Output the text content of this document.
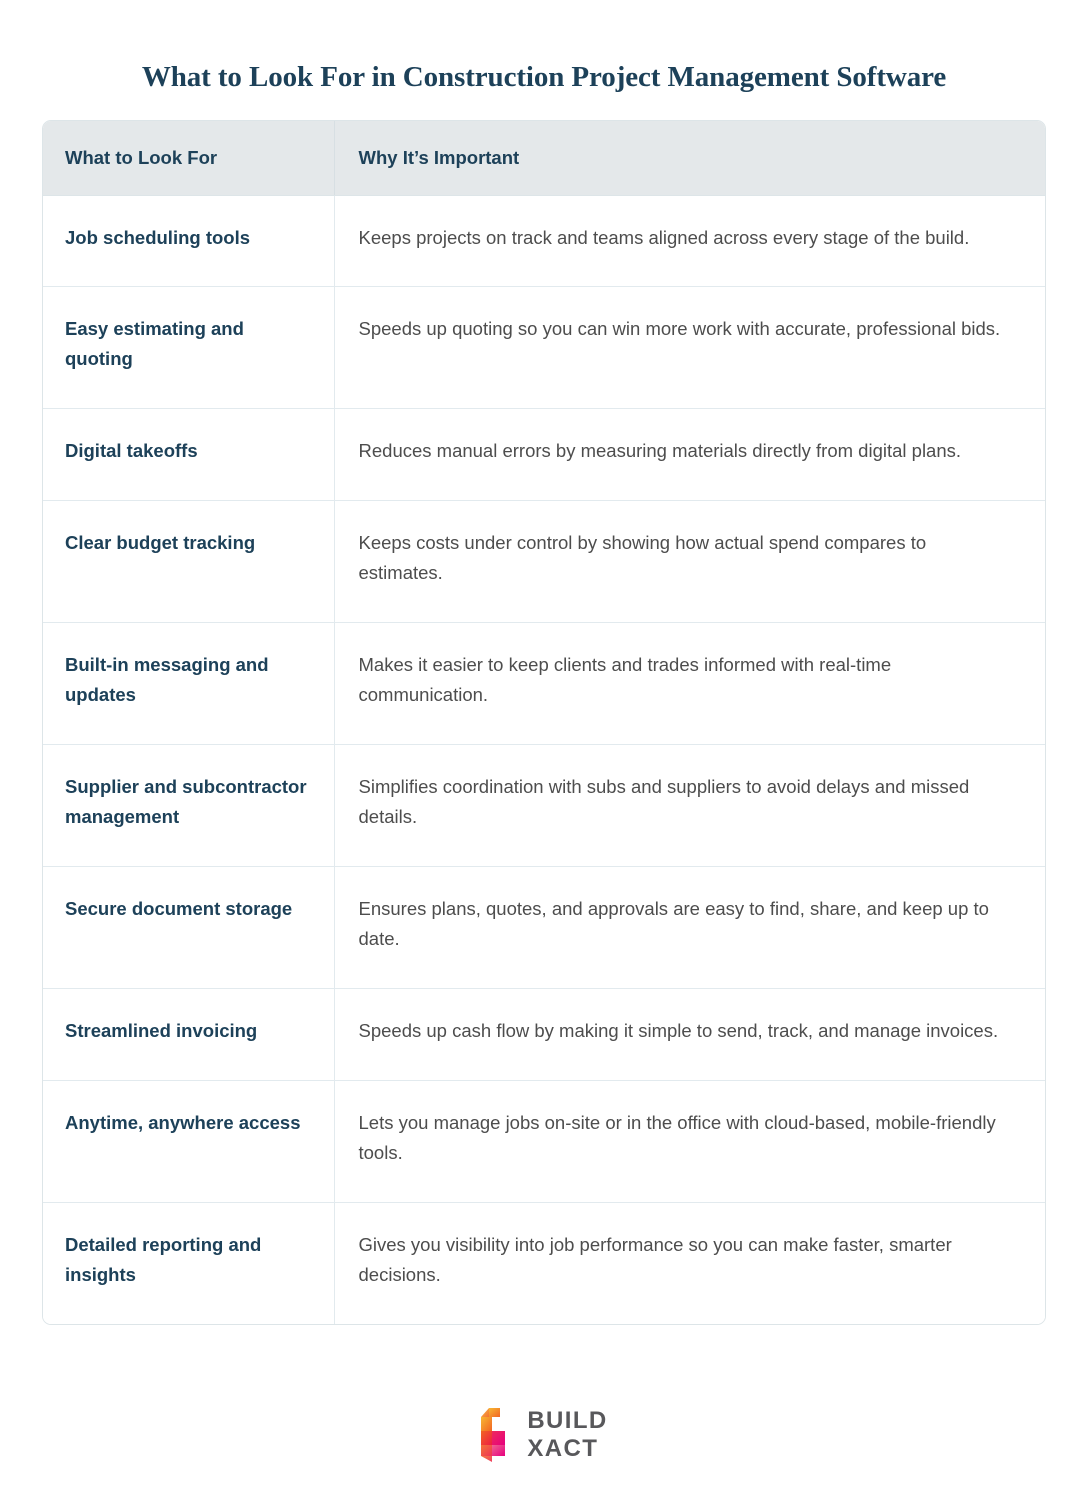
What to Look For in Construction Project Management Software
What to Look For	Why It’s Important
Job scheduling tools	Keeps projects on track and teams aligned across every stage of the build.
Easy estimating and quoting	Speeds up quoting so you can win more work with accurate, professional bids.
Digital takeoffs	Reduces manual errors by measuring materials directly from digital plans.
Clear budget tracking	Keeps costs under control by showing how actual spend compares to estimates.
Built-in messaging and updates	Makes it easier to keep clients and trades informed with real-time communication.
Supplier and subcontractor management	Simplifies coordination with subs and suppliers to avoid delays and missed details.
Secure document storage	Ensures plans, quotes, and approvals are easy to find, share, and keep up to date.
Streamlined invoicing	Speeds up cash flow by making it simple to send, track, and manage invoices.
Anytime, anywhere access	Lets you manage jobs on-site or in the office with cloud-based, mobile-friendly tools.
Detailed reporting and insights	Gives you visibility into job performance so you can make faster, smarter decisions.
BUILD
XACT
